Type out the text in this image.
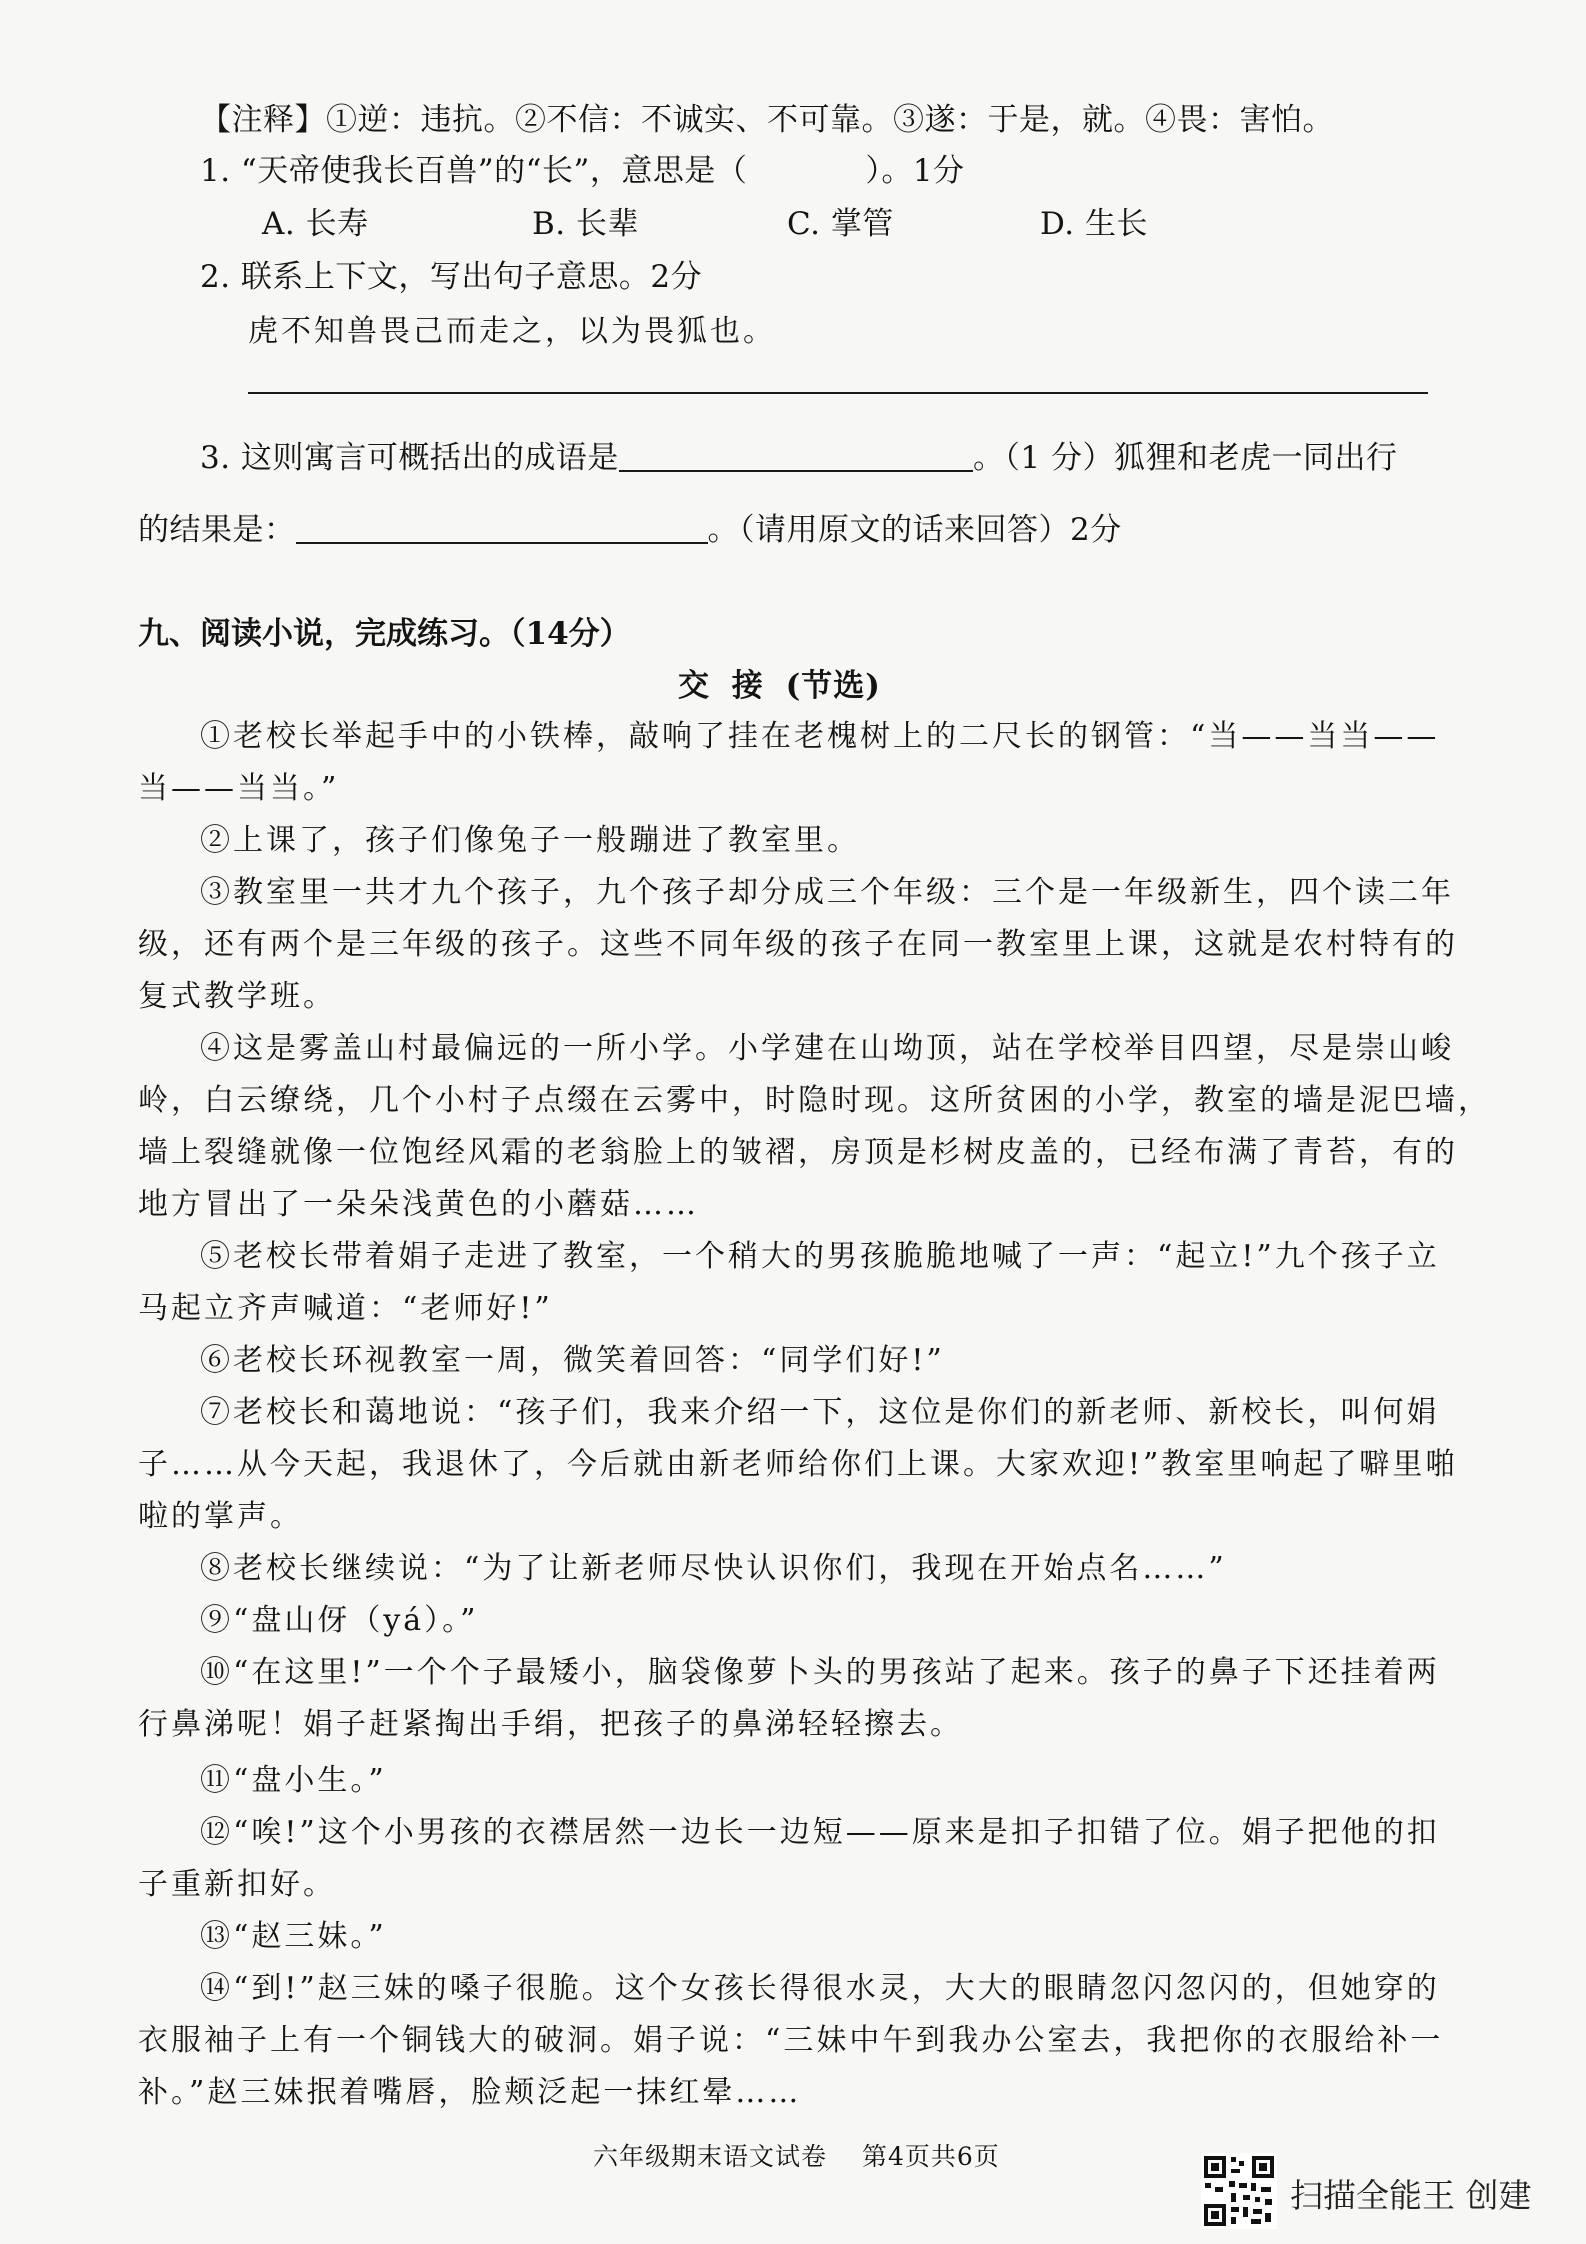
【注释】①逆：违抗。②不信：不诚实、不可靠。③遂：于是，就。④畏：害怕。
1. “天帝使我长百兽”的“长”，意思是（	）。1分
A. 长寿	B. 长辈	C. 掌管	D. 生长
2. 联系上下文，写出句子意思。2分
虎不知兽畏己而走之，以为畏狐也。
3. 这则寓言可概括出的成语是	。（1 分）狐狸和老虎一同出行
的结果是：	。（请用原文的话来回答）2分
九、阅读小说，完成练习。（14分）
交 接 (节选)
①老校长举起手中的小铁棒，敲响了挂在老槐树上的二尺长的钢管：“当——当当——
当——当当。”
②上课了，孩子们像兔子一般蹦进了教室里。
③教室里一共才九个孩子，九个孩子却分成三个年级：三个是一年级新生，四个读二年
级，还有两个是三年级的孩子。这些不同年级的孩子在同一教室里上课，这就是农村特有的
复式教学班。
④这是雾盖山村最偏远的一所小学。小学建在山坳顶，站在学校举目四望，尽是崇山峻
岭，白云缭绕，几个小村子点缀在云雾中，时隐时现。这所贫困的小学，教室的墙是泥巴墙，
墙上裂缝就像一位饱经风霜的老翁脸上的皱褶，房顶是杉树皮盖的，已经布满了青苔，有的
地方冒出了一朵朵浅黄色的小蘑菇……
⑤老校长带着娟子走进了教室，一个稍大的男孩脆脆地喊了一声：“起立!”九个孩子立
马起立齐声喊道：“老师好!”
⑥老校长环视教室一周，微笑着回答：“同学们好!”
⑦老校长和蔼地说：“孩子们，我来介绍一下，这位是你们的新老师、新校长，叫何娟
子……从今天起，我退休了，今后就由新老师给你们上课。大家欢迎!”教室里响起了噼里啪
啦的掌声。
⑧老校长继续说：“为了让新老师尽快认识你们，我现在开始点名……”
⑨“盘山伢（yá）。”
⑩“在这里!”一个个子最矮小，脑袋像萝卜头的男孩站了起来。孩子的鼻子下还挂着两
行鼻涕呢！娟子赶紧掏出手绢，把孩子的鼻涕轻轻擦去。
⑪“盘小生。”
⑫“唉!”这个小男孩的衣襟居然一边长一边短——原来是扣子扣错了位。娟子把他的扣
子重新扣好。
⑬“赵三妹。”
⑭“到!”赵三妹的嗓子很脆。这个女孩长得很水灵，大大的眼睛忽闪忽闪的，但她穿的
衣服袖子上有一个铜钱大的破洞。娟子说：“三妹中午到我办公室去，我把你的衣服给补一
补。”赵三妹抿着嘴唇，脸颊泛起一抹红晕……
六年级期末语文试卷　 第4页共6页
扫描全能王 创建
